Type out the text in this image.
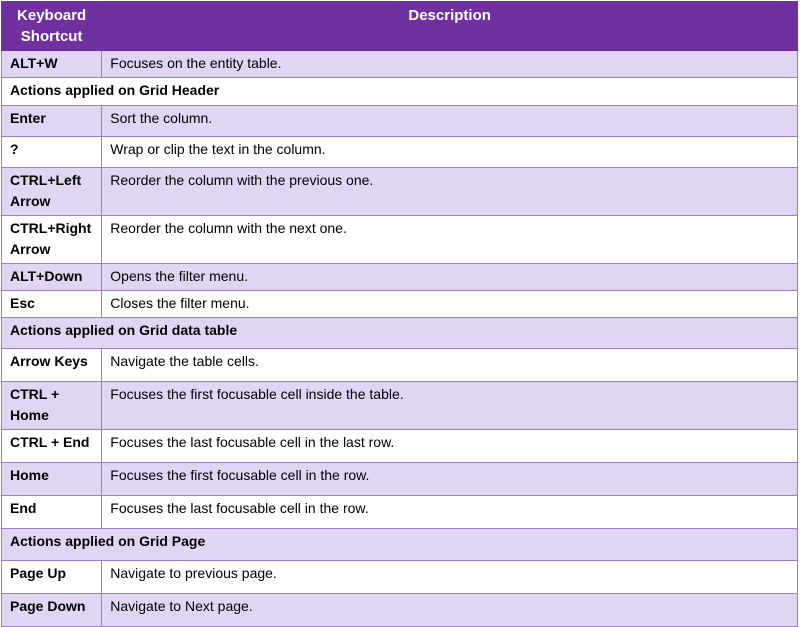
Keyboard Shortcut	Description
ALT+W	Focuses on the entity table.
Actions applied on Grid Header	
Enter	Sort the column.
?	Wrap or clip the text in the column.
CTRL+Left Arrow	Reorder the column with the previous one.
CTRL+Right Arrow	Reorder the column with the next one.
ALT+Down	Opens the filter menu.
Esc	Closes the filter menu.
Actions applied on Grid data table	
Arrow Keys	Navigate the table cells.
CTRL + Home	Focuses the first focusable cell inside the table.
CTRL + End	Focuses the last focusable cell in the last row.
Home	Focuses the first focusable cell in the row.
End	Focuses the last focusable cell in the row.
Actions applied on Grid Page	
Page Up	Navigate to previous page.
Page Down	Navigate to Next page.
